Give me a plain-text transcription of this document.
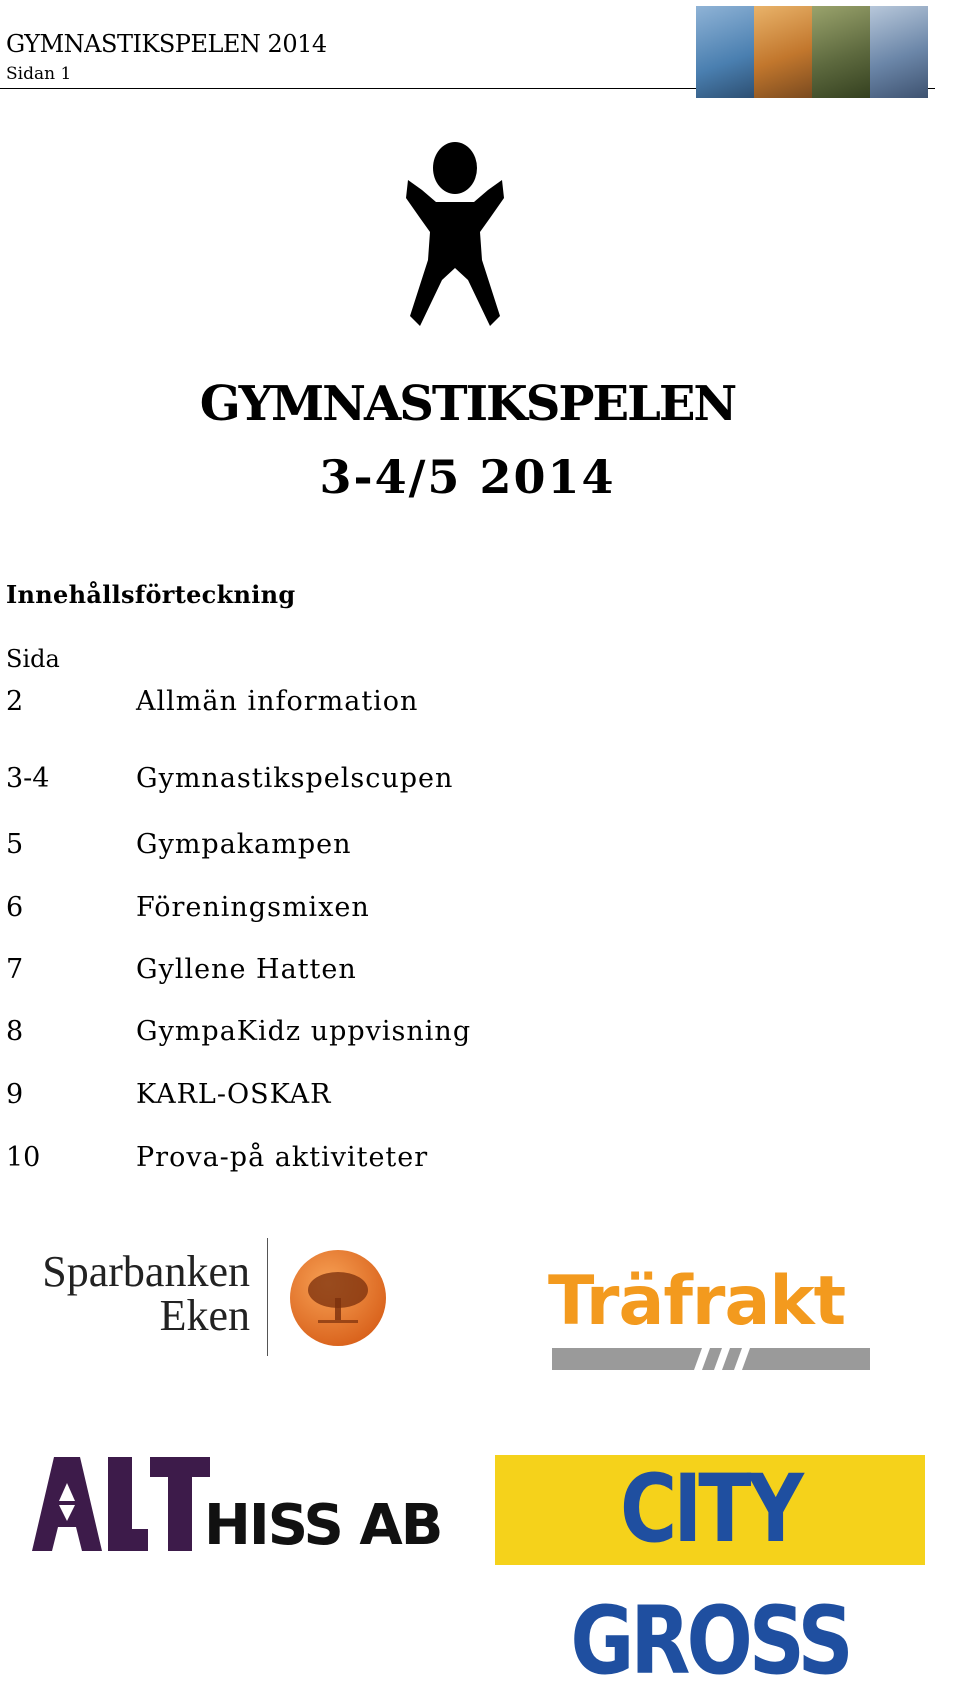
GYMNASTIKSPELEN 2014
Sidan 1
GYMNASTIKSPELEN
3-4/5 2014
Innehållsförteckning
Sida
2	Allmän information
3-4	Gymnastikspelscupen
5	Gympakampen
6	Föreningsmixen
7	Gyllene Hatten
8	GympaKidz uppvisning
9	KARL-OSKAR
10	Prova-på aktiviteter
Sparbanken
Eken	Träfrakt
HISS AB	CITY GROSS
